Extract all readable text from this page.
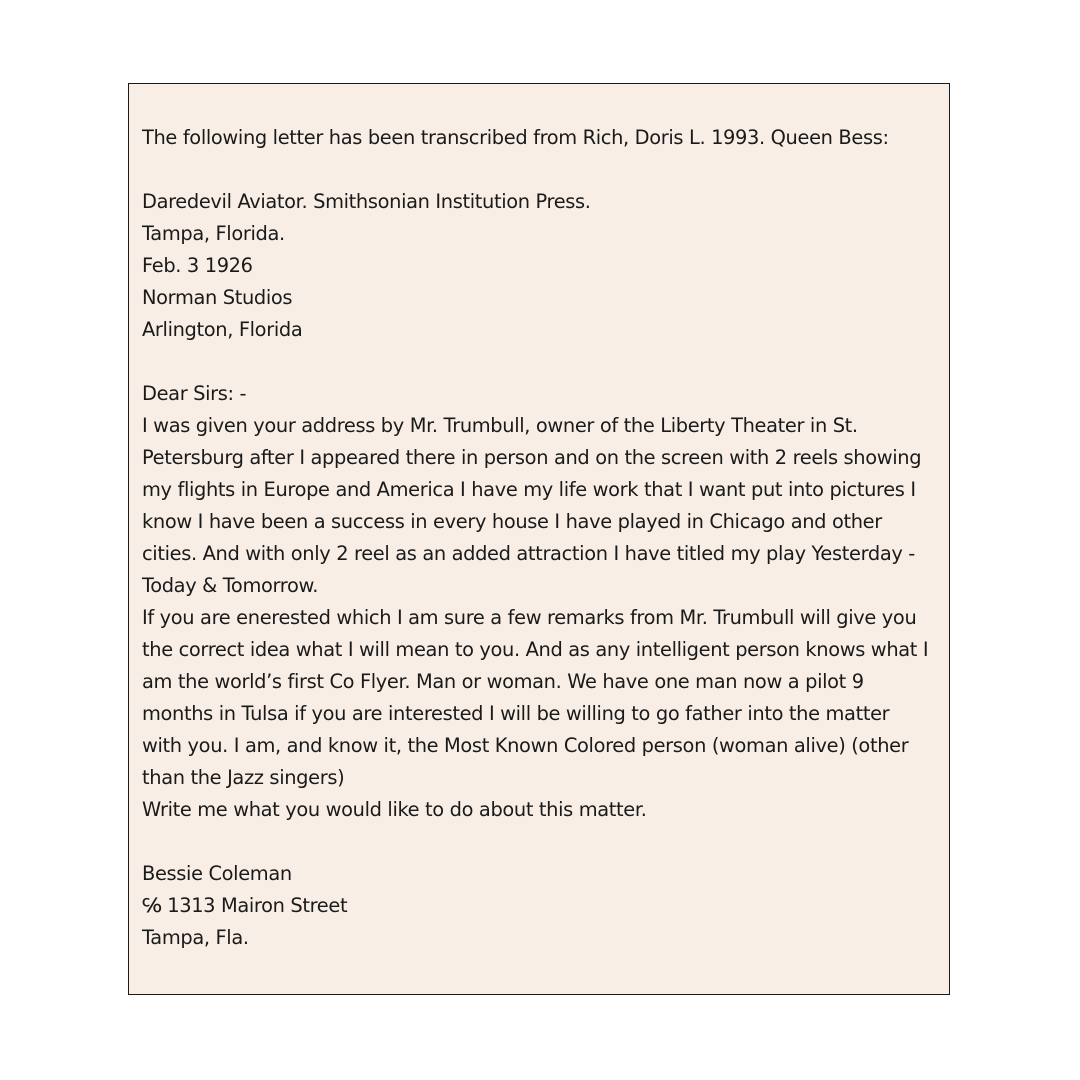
The following letter has been transcribed from Rich, Doris L. 1993. Queen Bess:
Daredevil Aviator. Smithsonian Institution Press.
Tampa, Florida.
Feb. 3 1926
Norman Studios
Arlington, Florida
Dear Sirs: -
I was given your address by Mr. Trumbull, owner of the Liberty Theater in St.
Petersburg after I appeared there in person and on the screen with 2 reels showing
my flights in Europe and America I have my life work that I want put into pictures I
know I have been a success in every house I have played in Chicago and other
cities. And with only 2 reel as an added attraction I have titled my play Yesterday -
Today & Tomorrow.
If you are enerested which I am sure a few remarks from Mr. Trumbull will give you
the correct idea what I will mean to you. And as any intelligent person knows what I
am the world’s first Co Flyer. Man or woman. We have one man now a pilot 9
months in Tulsa if you are interested I will be willing to go father into the matter
with you. I am, and know it, the Most Known Colored person (woman alive) (other
than the Jazz singers)
Write me what you would like to do about this matter.
Bessie Coleman
℅ 1313 Mairon Street
Tampa, Fla.
